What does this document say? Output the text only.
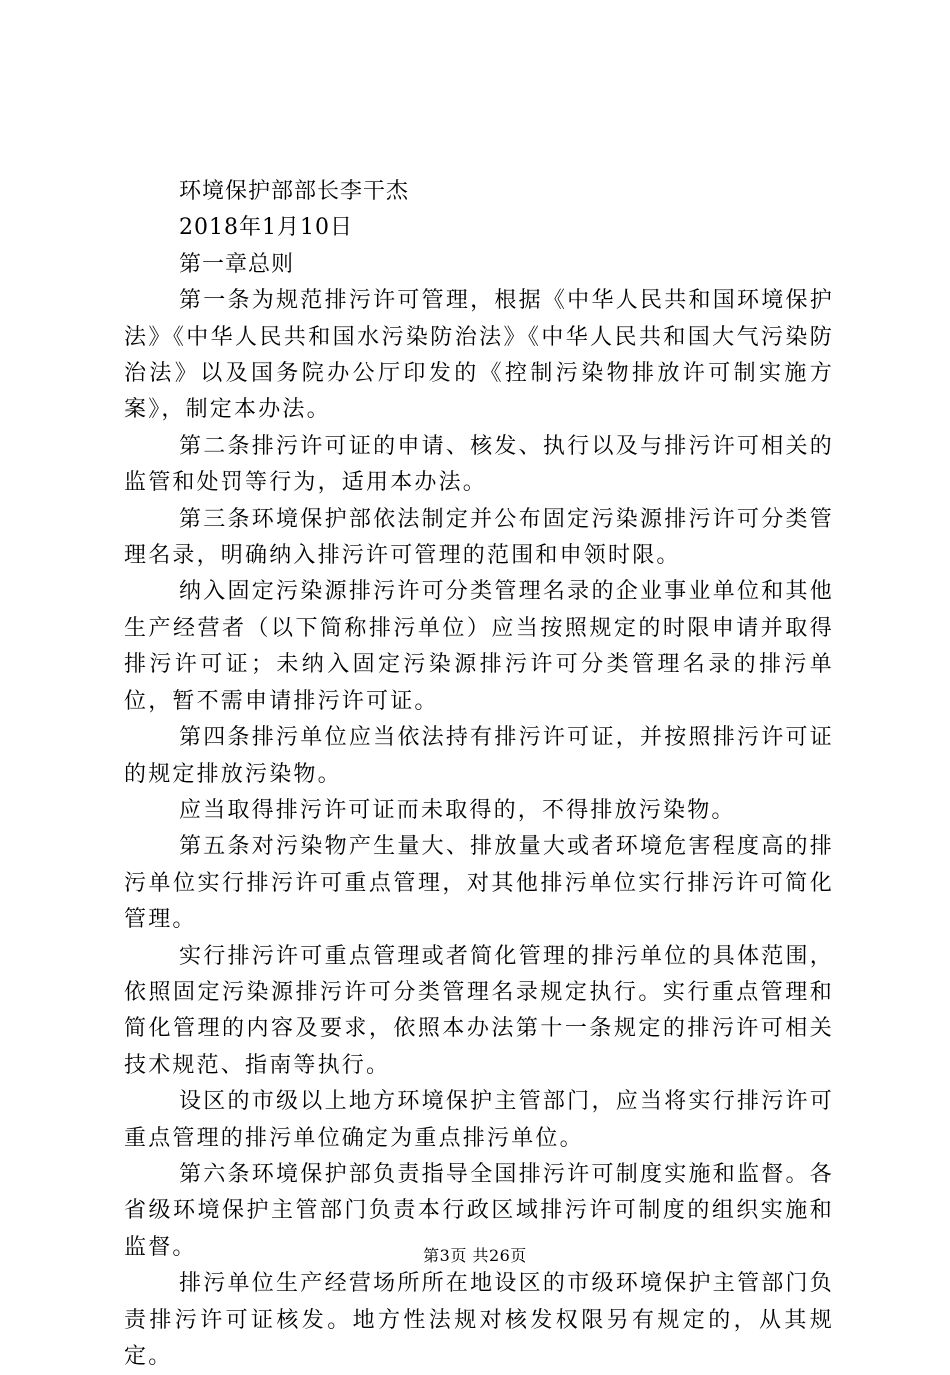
环境保护部部长李干杰

2018年1月10日

第一章总则

第一条为规范排污许可管理，根据《中华人民共和国环境保护法》《中华人民共和国水污染防治法》《中华人民共和国大气污染防治法》以及国务院办公厅印发的《控制污染物排放许可制实施方案》，制定本办法。

第二条排污许可证的申请、核发、执行以及与排污许可相关的监管和处罚等行为，适用本办法。

第三条环境保护部依法制定并公布固定污染源排污许可分类管理名录，明确纳入排污许可管理的范围和申领时限。

纳入固定污染源排污许可分类管理名录的企业事业单位和其他生产经营者（以下简称排污单位）应当按照规定的时限申请并取得排污许可证；未纳入固定污染源排污许可分类管理名录的排污单位，暂不需申请排污许可证。

第四条排污单位应当依法持有排污许可证，并按照排污许可证的规定排放污染物。

应当取得排污许可证而未取得的，不得排放污染物。

第五条对污染物产生量大、排放量大或者环境危害程度高的排污单位实行排污许可重点管理，对其他排污单位实行排污许可简化管理。

实行排污许可重点管理或者简化管理的排污单位的具体范围，依照固定污染源排污许可分类管理名录规定执行。实行重点管理和简化管理的内容及要求，依照本办法第十一条规定的排污许可相关技术规范、指南等执行。

设区的市级以上地方环境保护主管部门，应当将实行排污许可重点管理的排污单位确定为重点排污单位。

第六条环境保护部负责指导全国排污许可制度实施和监督。各省级环境保护主管部门负责本行政区域排污许可制度的组织实施和监督。

排污单位生产经营场所所在地设区的市级环境保护主管部门负责排污许可证核发。地方性法规对核发权限另有规定的，从其规定。

第3页 共26页
